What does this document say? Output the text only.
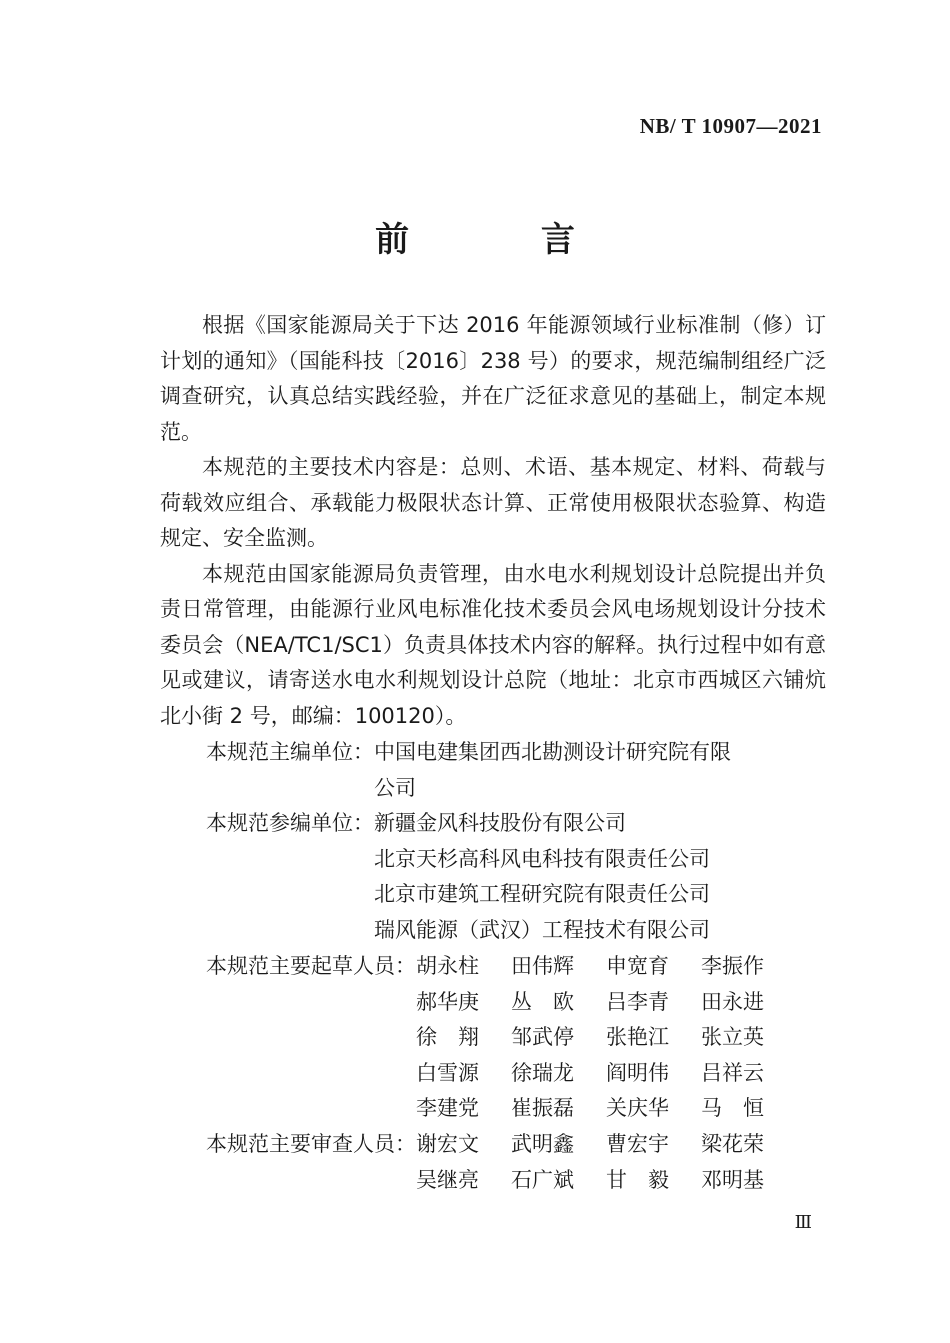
NB/ T 10907—2021
前 言

根据《国家能源局关于下达 2016 年能源领域行业标准制（修）订计划的通知》（国能科技〔2016〕238 号）的要求，规范编制组经广泛调查研究，认真总结实践经验，并在广泛征求意见的基础上，制定本规范。

本规范的主要技术内容是：总则、术语、基本规定、材料、荷载与荷载效应组合、承载能力极限状态计算、正常使用极限状态验算、构造规定、安全监测。

本规范由国家能源局负责管理，由水电水利规划设计总院提出并负责日常管理，由能源行业风电标准化技术委员会风电场规划设计分技术委员会（NEA/TC1/SC1）负责具体技术内容的解释。执行过程中如有意见或建议，请寄送水电水利规划设计总院（地址：北京市西城区六铺炕北小街 2 号，邮编：100120）。

本规范主编单位： 中国电建集团西北勘测设计研究院有限
公司
本规范参编单位： 新疆金风科技股份有限公司
北京天杉高科风电科技有限责任公司
北京市建筑工程研究院有限责任公司
瑞风能源（武汉）工程技术有限公司
本规范主要起草人员： 胡永柱	田伟辉	申宽育	李振作
郝华庚	丛　欧	吕李青	田永进
徐　翔	邹武停	张艳江	张立英
白雪源	徐瑞龙	阎明伟	吕祥云
李建党	崔振磊	关庆华	马　恒
本规范主要审查人员： 谢宏文	武明鑫	曹宏宇	梁花荣
吴继亮	石广斌	甘　毅	邓明基
Ⅲ
